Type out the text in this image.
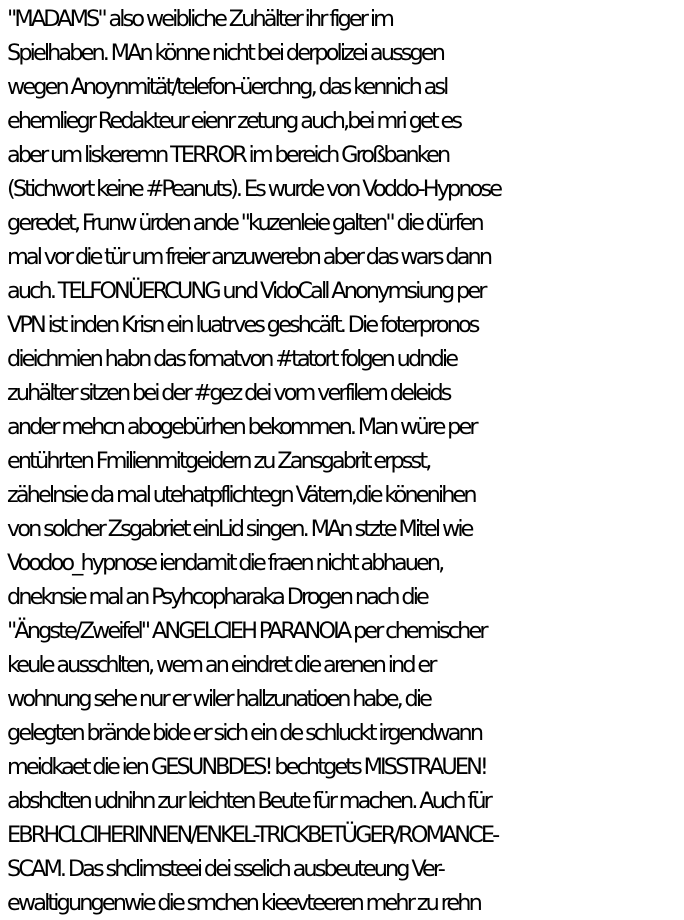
"MADAMS" also weibliche Zuhälter ihr figer im
Spielhaben. MAn könne nicht bei derpolizei aussgen
wegen Anoynmität/telefon-üerchng, das kennich asl
ehemliegr Redakteur eienr zetung auch,bei mri get es
aber um liskeremn TERROR im bereich Großbanken
(Stichwort keine #Peanuts). Es wurde von Voddo-Hypnose
geredet, Frunw ürden ande "kuzenleie galten" die dürfen
mal vor die tür um freier anzuwerebn aber das wars dann
auch. TELFONÜERCUNG und VidoCall Anonymsiung per
VPN ist inden Krisn ein luatrves geshcäft. Die foterpronos
dieichmien habn das fomatvon #tatort folgen udndie
zuhälter sitzen bei der #gez dei vom verfilem deleids
ander mehcn abogebürhen bekommen. Man würe per
entührten Fmilienmitgeidern zu Zansgabrit erpsst,
zähelnsie da mal utehatpflichtegn Vätern,die könenihen
von solcher Zsgabriet einLid singen. MAn stzte Mitel wie
Voodoo_hypnose iendamit die fraen nicht abhauen,
dneknsie mal an Psyhcopharaka Drogen nach die
"Ängste/Zweifel" ANGELCIEH PARANOIA per chemischer
keule ausschlten, wem an eindret die arenen ind er
wohnung sehe nur er wiler hallzunatioen habe, die
gelegten brände bide er sich ein de schluckt irgendwann
meidkaet die ien GESUNBDES! bechtgets MISSTRAUEN!
abshclten udnihn zur leichten Beute für machen. Auch für
EBRHCLCIHERINNEN/ENKEL-TRICKBETÜGER/ROMANCE-
SCAM. Das shclimsteei dei sselich ausbeuteung Ver-
ewaltigungenwie die smchen kieevteeren mehr zu rehn
